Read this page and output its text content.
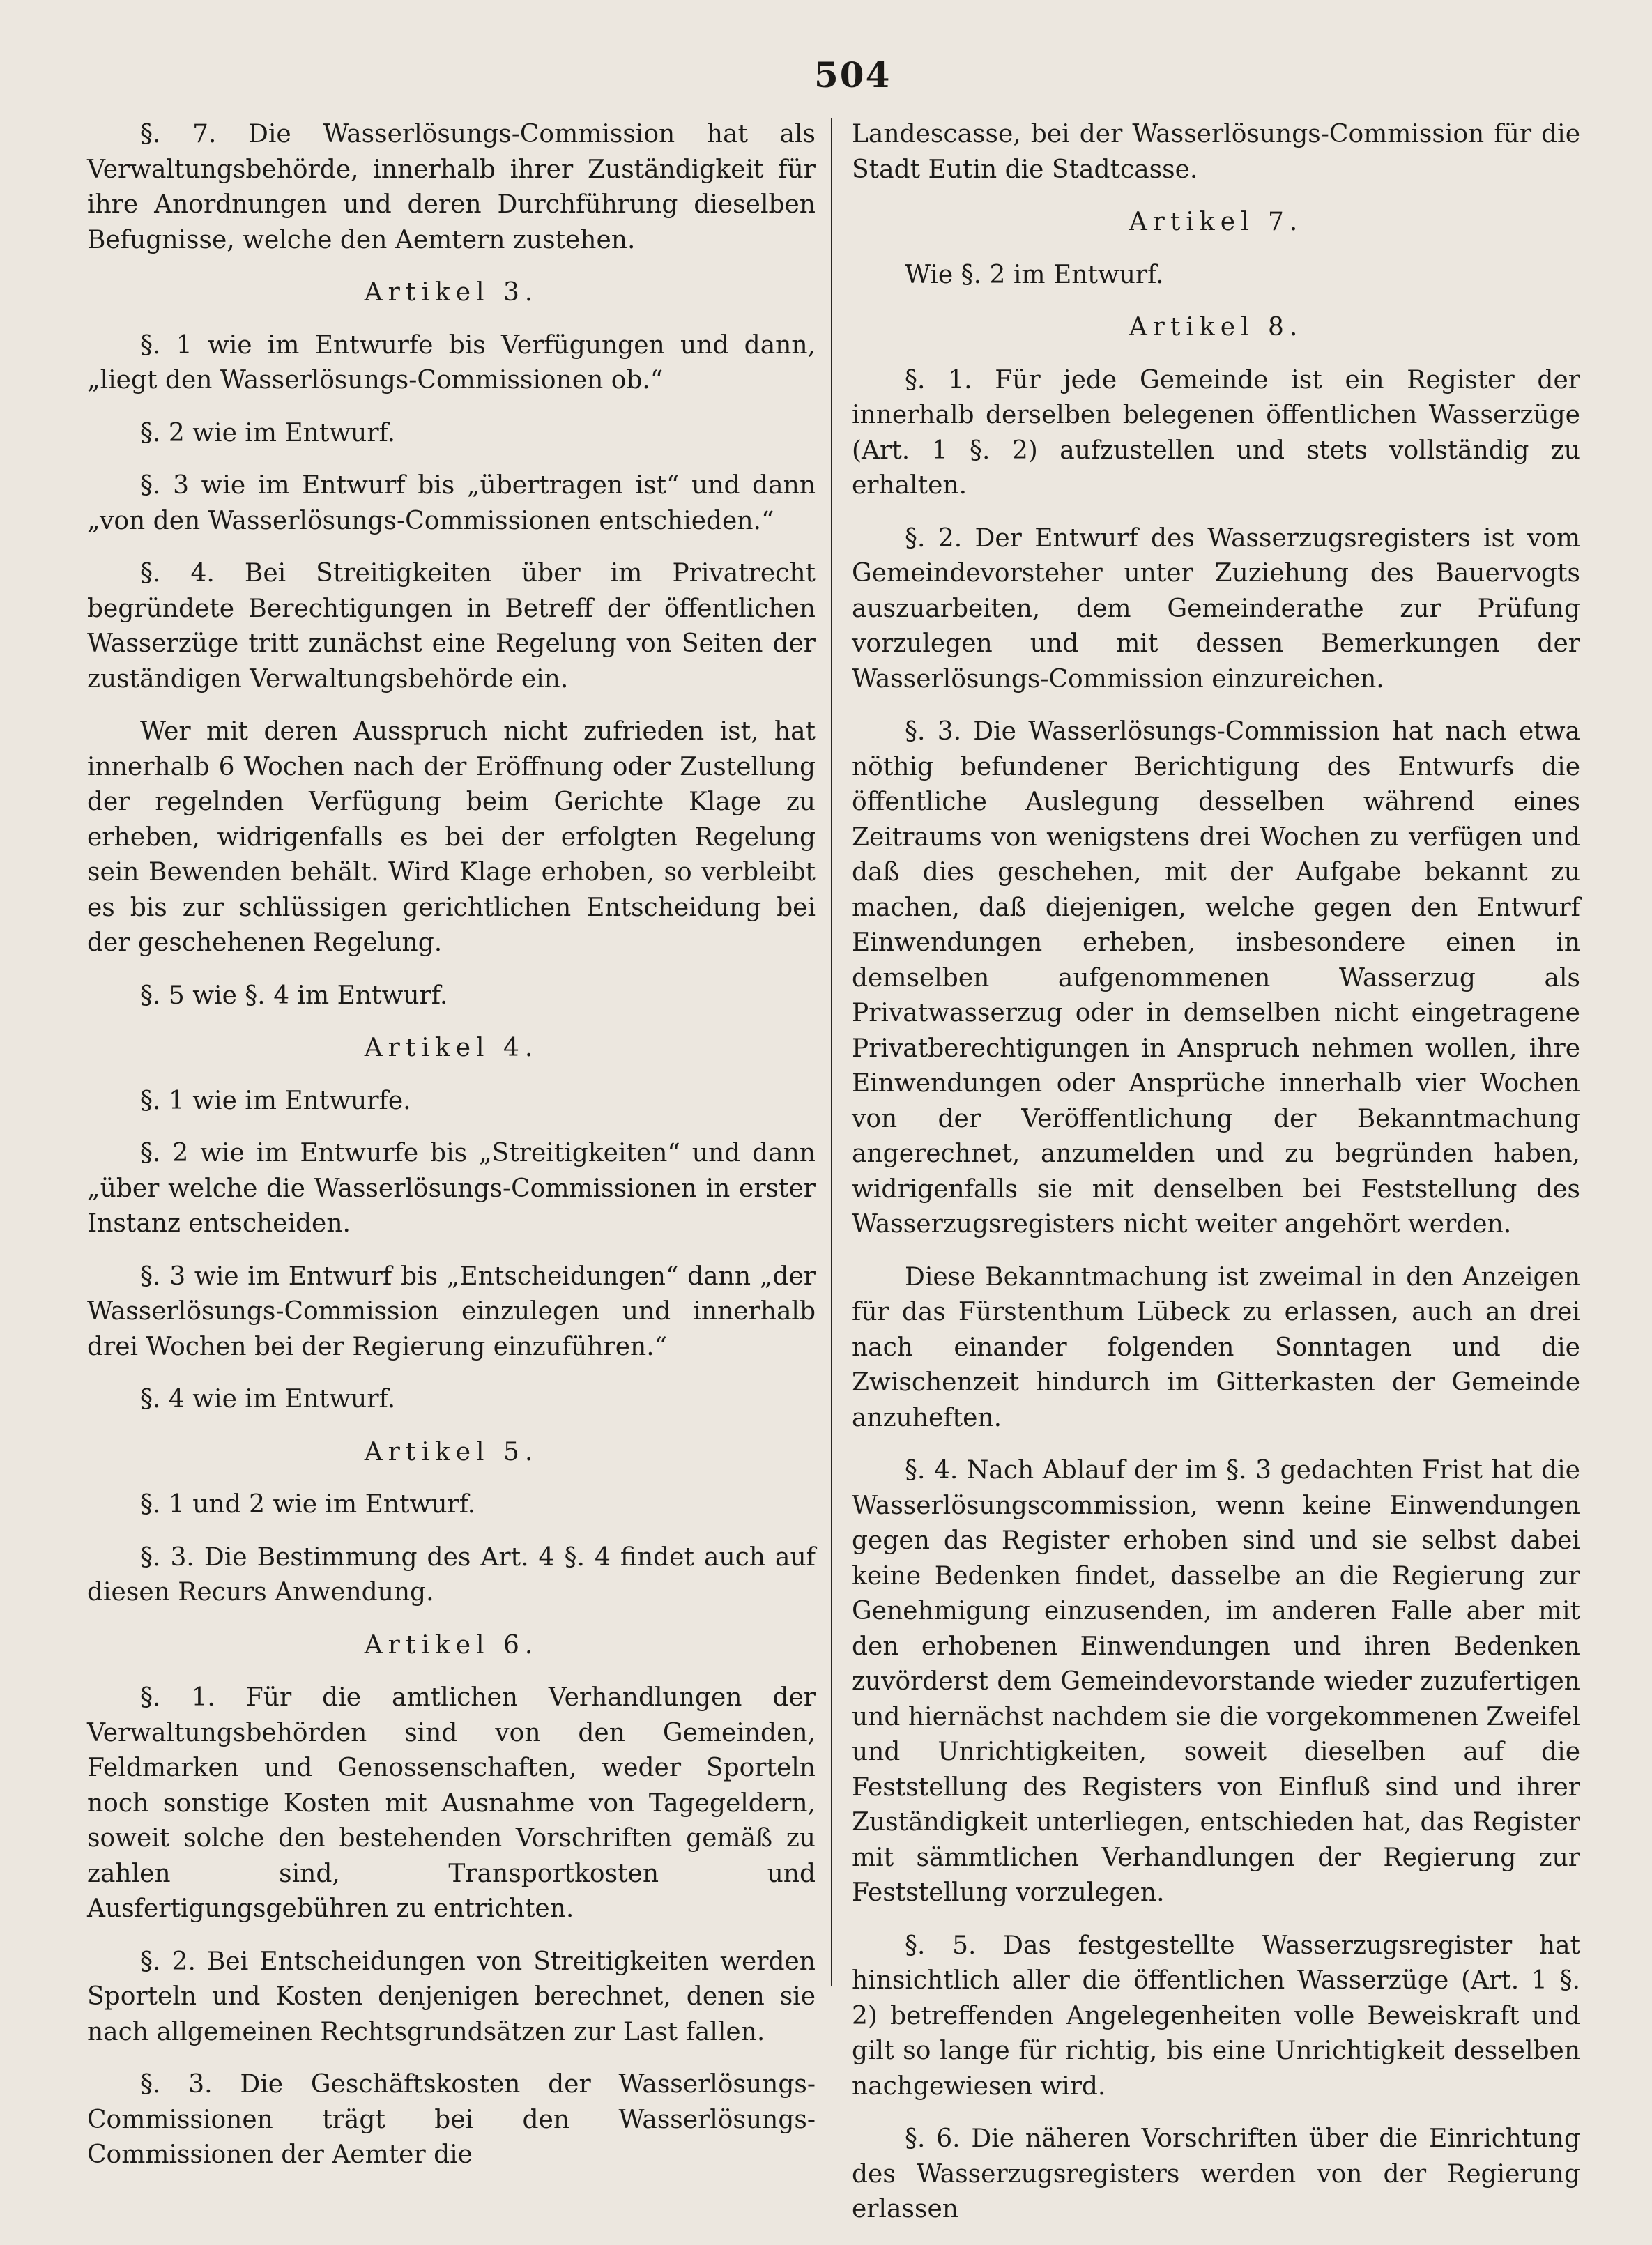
504

§. 7. Die Wasserlösungs-Commission hat als Verwaltungsbehörde, innerhalb ihrer Zuständigkeit für ihre Anordnungen und deren Durchführung dieselben Befugnisse, welche den Aemtern zustehen.

Artikel 3.

§. 1 wie im Entwurfe bis Verfügungen und dann, „liegt den Wasserlösungs-Commissionen ob.“

§. 2 wie im Entwurf.

§. 3 wie im Entwurf bis „übertragen ist“ und dann „von den Wasserlösungs-Commissionen entschieden.“

§. 4. Bei Streitigkeiten über im Privatrecht begründete Berechtigungen in Betreff der öffentlichen Wasserzüge tritt zunächst eine Regelung von Seiten der zuständigen Verwaltungsbehörde ein.

Wer mit deren Ausspruch nicht zufrieden ist, hat innerhalb 6 Wochen nach der Eröffnung oder Zustellung der regelnden Verfügung beim Gerichte Klage zu erheben, widrigenfalls es bei der erfolgten Regelung sein Bewenden behält. Wird Klage erhoben, so verbleibt es bis zur schlüssigen gerichtlichen Entscheidung bei der geschehenen Regelung.

§. 5 wie §. 4 im Entwurf.

Artikel 4.

§. 1 wie im Entwurfe.

§. 2 wie im Entwurfe bis „Streitigkeiten“ und dann „über welche die Wasserlösungs-Commissionen in erster Instanz entscheiden.

§. 3 wie im Entwurf bis „Entscheidungen“ dann „der Wasserlösungs-Commission einzulegen und innerhalb drei Wochen bei der Regierung einzuführen.“

§. 4 wie im Entwurf.

Artikel 5.

§. 1 und 2 wie im Entwurf.

§. 3. Die Bestimmung des Art. 4 §. 4 findet auch auf diesen Recurs Anwendung.

Artikel 6.

§. 1. Für die amtlichen Verhandlungen der Verwaltungsbehörden sind von den Gemeinden, Feldmarken und Genossenschaften, weder Sporteln noch sonstige Kosten mit Ausnahme von Tagegeldern, soweit solche den bestehenden Vorschriften gemäß zu zahlen sind, Transportkosten und Ausfertigungsgebühren zu entrichten.

§. 2. Bei Entscheidungen von Streitigkeiten werden Sporteln und Kosten denjenigen berechnet, denen sie nach allgemeinen Rechtsgrundsätzen zur Last fallen.

§. 3. Die Geschäftskosten der Wasserlösungs-Commissionen trägt bei den Wasserlösungs-Commissionen der Aemter die

Landescasse, bei der Wasserlösungs-Commission für die Stadt Eutin die Stadtcasse.

Artikel 7.

Wie §. 2 im Entwurf.

Artikel 8.

§. 1. Für jede Gemeinde ist ein Register der innerhalb derselben belegenen öffentlichen Wasserzüge (Art. 1 §. 2) aufzustellen und stets vollständig zu erhalten.

§. 2. Der Entwurf des Wasserzugsregisters ist vom Gemeindevorsteher unter Zuziehung des Bauervogts auszuarbeiten, dem Gemeinderathe zur Prüfung vorzulegen und mit dessen Bemerkungen der Wasserlösungs-Commission einzureichen.

§. 3. Die Wasserlösungs-Commission hat nach etwa nöthig befundener Berichtigung des Entwurfs die öffentliche Auslegung desselben während eines Zeitraums von wenigstens drei Wochen zu verfügen und daß dies geschehen, mit der Aufgabe bekannt zu machen, daß diejenigen, welche gegen den Entwurf Einwendungen erheben, insbesondere einen in demselben aufgenommenen Wasserzug als Privatwasserzug oder in demselben nicht eingetragene Privatberechtigungen in Anspruch nehmen wollen, ihre Einwendungen oder Ansprüche innerhalb vier Wochen von der Veröffentlichung der Bekanntmachung angerechnet, anzumelden und zu begründen haben, widrigenfalls sie mit denselben bei Feststellung des Wasserzugsregisters nicht weiter angehört werden.

Diese Bekanntmachung ist zweimal in den Anzeigen für das Fürstenthum Lübeck zu erlassen, auch an drei nach einander folgenden Sonntagen und die Zwischenzeit hindurch im Gitterkasten der Gemeinde anzuheften.

§. 4. Nach Ablauf der im §. 3 gedachten Frist hat die Wasserlösungscommission, wenn keine Einwendungen gegen das Register erhoben sind und sie selbst dabei keine Bedenken findet, dasselbe an die Regierung zur Genehmigung einzusenden, im anderen Falle aber mit den erhobenen Einwendungen und ihren Bedenken zuvörderst dem Gemeindevorstande wieder zuzufertigen und hiernächst nachdem sie die vorgekommenen Zweifel und Unrichtigkeiten, soweit dieselben auf die Feststellung des Registers von Einfluß sind und ihrer Zuständigkeit unterliegen, entschieden hat, das Register mit sämmtlichen Verhandlungen der Regierung zur Feststellung vorzulegen.

§. 5. Das festgestellte Wasserzugsregister hat hinsichtlich aller die öffentlichen Wasserzüge (Art. 1 §. 2) betreffenden Angelegenheiten volle Beweiskraft und gilt so lange für richtig, bis eine Unrichtigkeit desselben nachgewiesen wird.

§. 6. Die näheren Vorschriften über die Einrichtung des Wasserzugsregisters werden von der Regierung erlassen
